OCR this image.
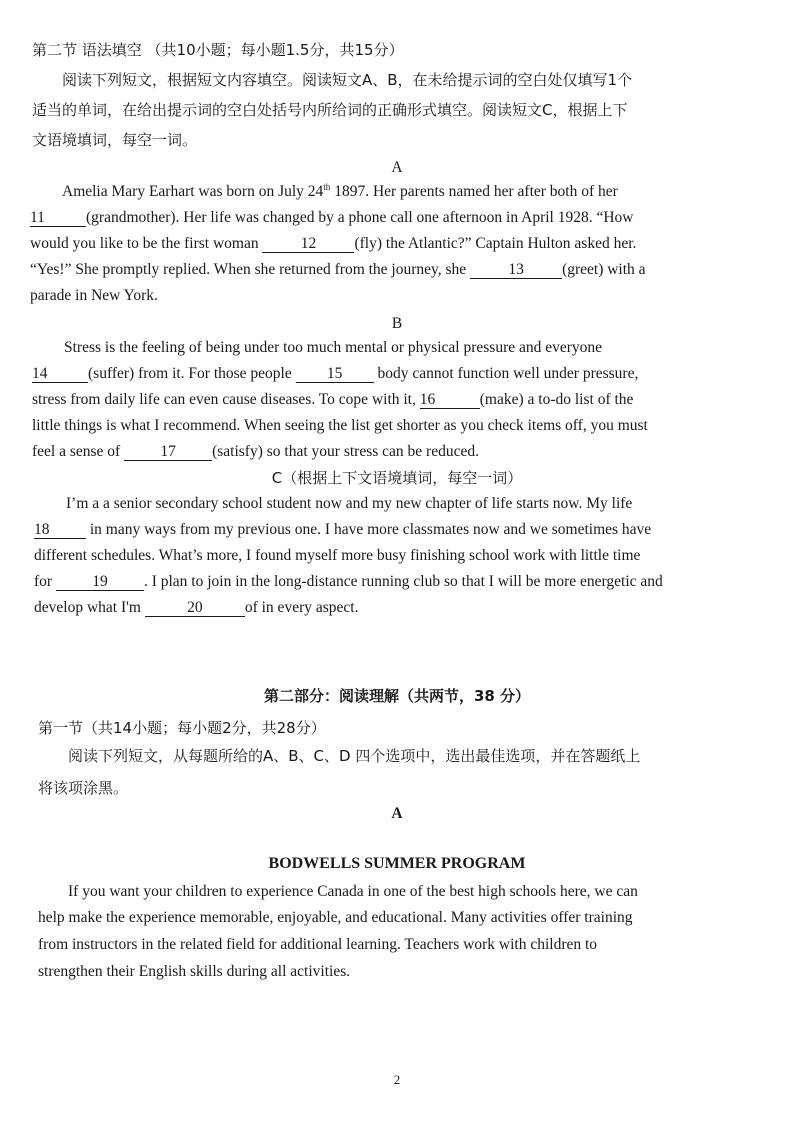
第二节 语法填空 （共10小题；每小题1.5分，共15分）
阅读下列短文，根据短文内容填空。阅读短文A、B，在未给提示词的空白处仅填写1个
适当的单词，在给出提示词的空白处括号内所给词的正确形式填空。阅读短文C，根据上下
文语境填词，每空一词。
A
Amelia Mary Earhart was born on July 24th 1897. Her parents named her after both of her
11	(grandmother). Her life was changed by a phone call one afternoon in April 1928. “How
would you like to be the first woman 12 (fly) the Atlantic?” Captain Hulton asked her.
“Yes!” She promptly replied. When she returned from the journey, she 13 (greet) with a
parade in New York.
B
Stress is the feeling of being under too much mental or physical pressure and everyone
14	(suffer) from it. For those people 15 body cannot function well under pressure,
stress from daily life can even cause diseases. To cope with it, 16	(make) a to-do list of the
little things is what I recommend. When seeing the list get shorter as you check items off, you must
feel a sense of 17 (satisfy) so that your stress can be reduced.
C（根据上下文语境填词，每空一词）
I’m a a senior secondary school student now and my new chapter of life starts now. My life
18 in many ways from my previous one. I have more classmates now and we sometimes have
different schedules. What’s more, I found myself more busy finishing school work with little time
for 19 . I plan to join in the long-distance running club so that I will be more energetic and
develop what I'm	20	of in every aspect.
第二部分：阅读理解（共两节，38 分）
第一节（共14小题；每小题2分，共28分）
阅读下列短文，从每题所给的A、B、C、D 四个选项中，选出最佳选项，并在答题纸上
将该项涂黑。
A
BODWELLS SUMMER PROGRAM
If you want your children to experience Canada in one of the best high schools here, we can
help make the experience memorable, enjoyable, and educational. Many activities offer training
from instructors in the related field for additional learning. Teachers work with children to
strengthen their English skills during all activities.
2
